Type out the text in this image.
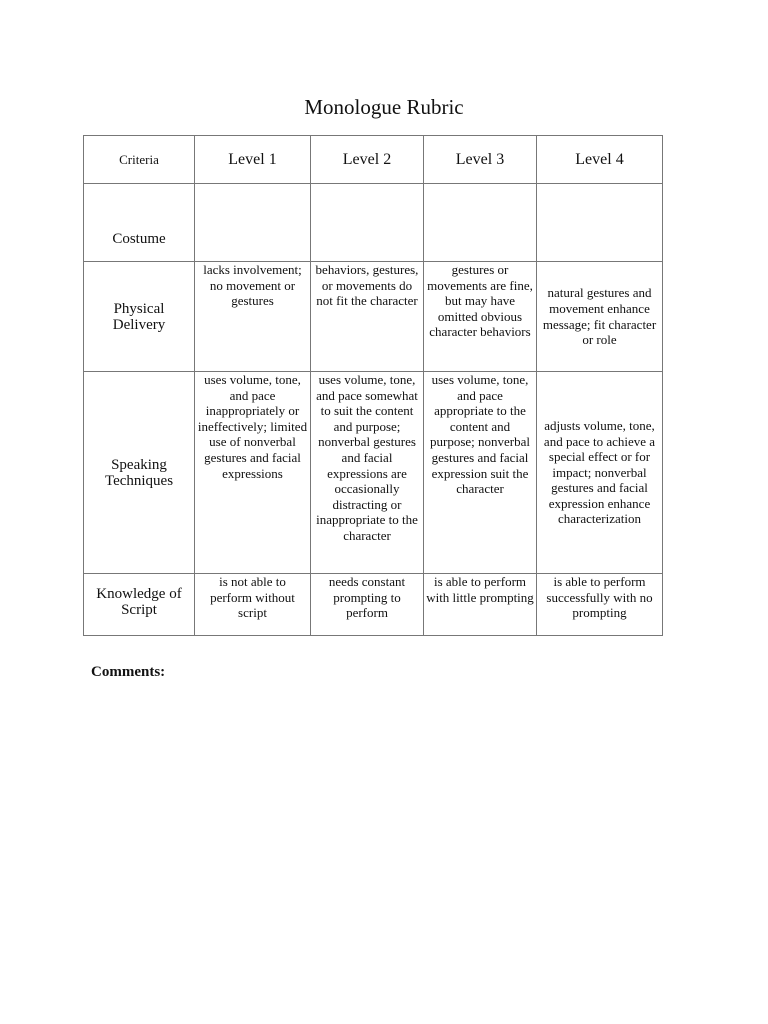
Monologue Rubric
Criteria	Level 1	Level 2	Level 3	Level 4
Costume				
Physical Delivery	lacks involvement; no movement or gestures	behaviors, gestures, or movements do not fit the character	gestures or movements are fine, but may have omitted obvious character behaviors	natural gestures and movement enhance message; fit character or role
Speaking Techniques	uses volume, tone, and pace inappropriately or ineffectively; limited use of nonverbal gestures and facial expressions	uses volume, tone, and pace somewhat to suit the content and purpose; nonverbal gestures and facial expressions are occasionally distracting or inappropriate to the character	uses volume, tone, and pace appropriate to the content and purpose; nonverbal gestures and facial expression suit the character	adjusts volume, tone, and pace to achieve a special effect or for impact; nonverbal gestures and facial expression enhance characterization
Knowledge of Script	is not able to perform without script	needs constant prompting to perform	is able to perform with little prompting	is able to perform successfully with no prompting
Comments:
